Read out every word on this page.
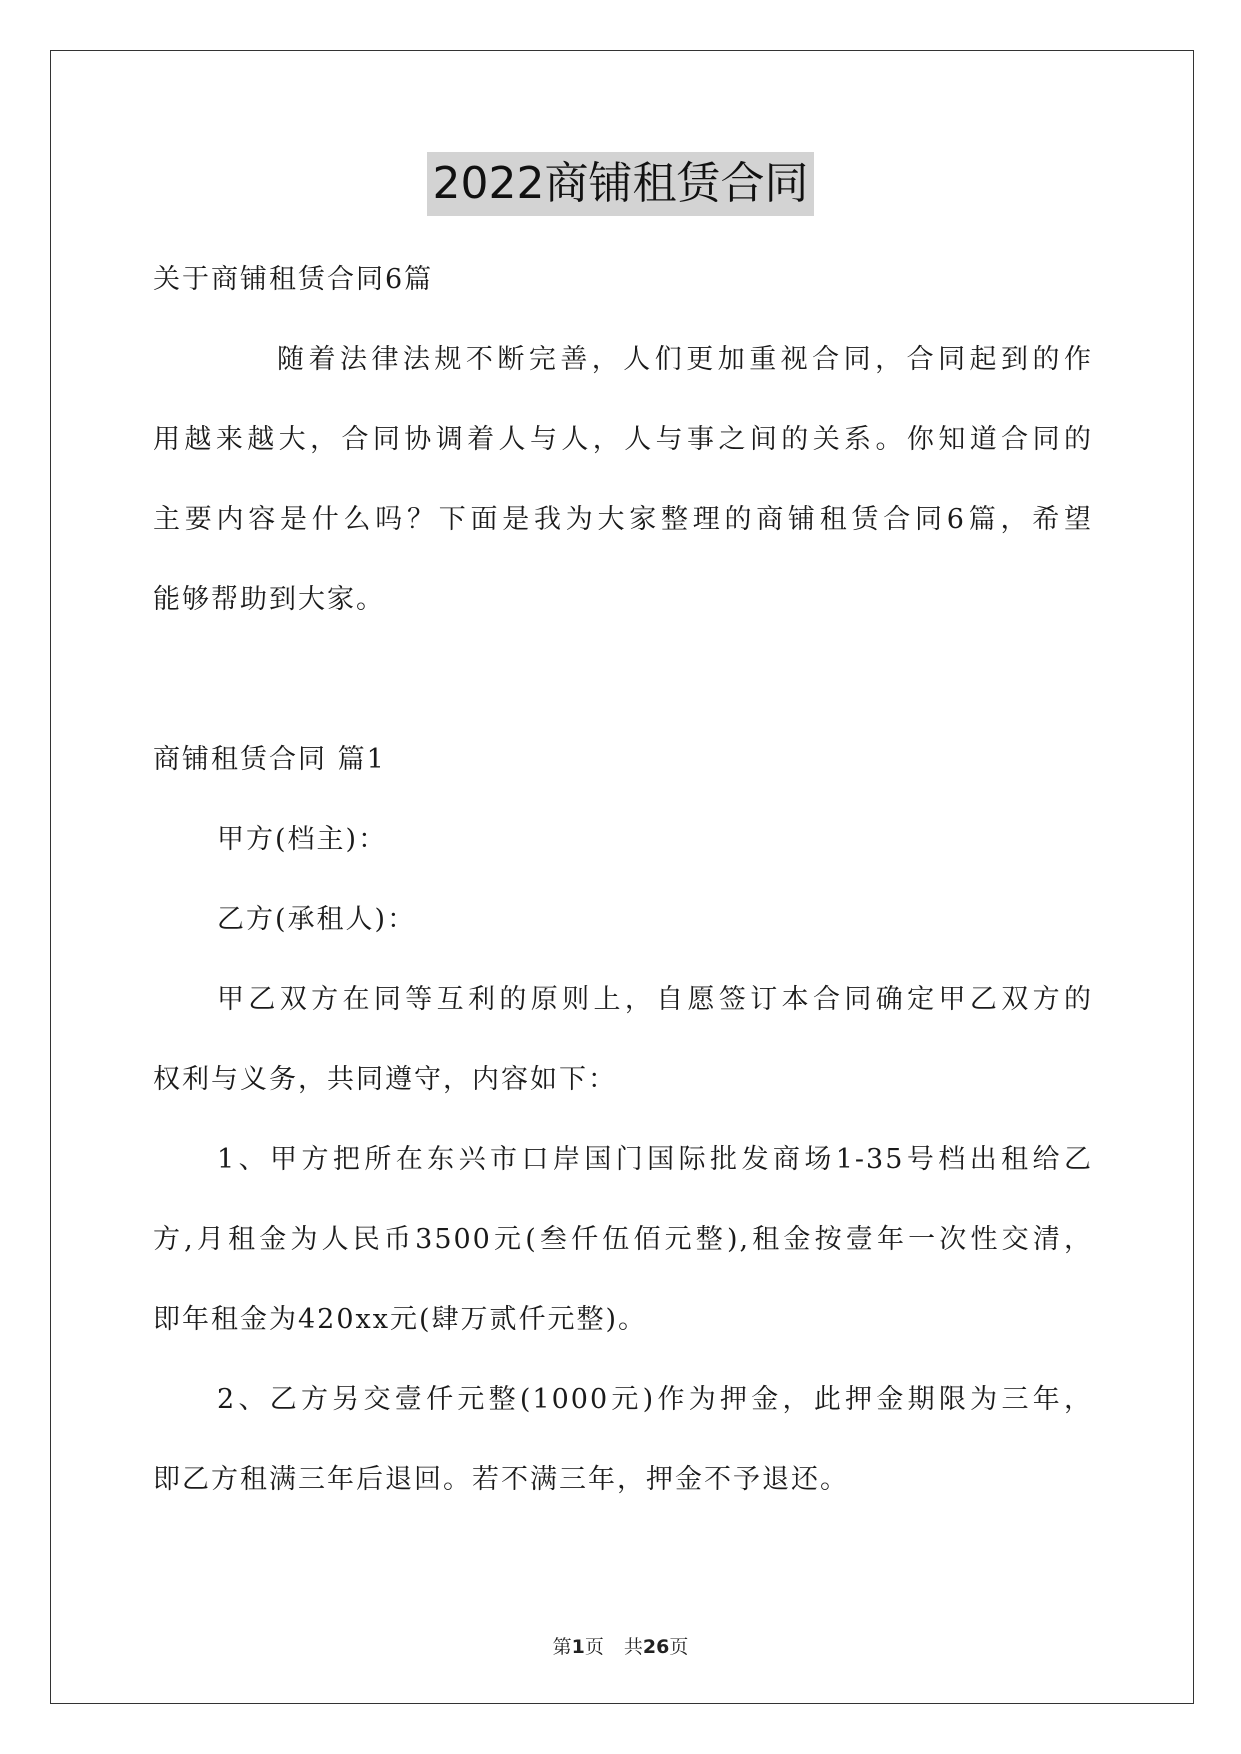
2022商铺租赁合同
关于商铺租赁合同6篇
随着法律法规不断完善，人们更加重视合同，合同起到的作
用越来越大，合同协调着人与人，人与事之间的关系。你知道合同的
主要内容是什么吗？下面是我为大家整理的商铺租赁合同6篇，希望
能够帮助到大家。
商铺租赁合同 篇1
甲方(档主)：
乙方(承租人)：
甲乙双方在同等互利的原则上，自愿签订本合同确定甲乙双方的
权利与义务，共同遵守，内容如下：
1、甲方把所在东兴市口岸国门国际批发商场1-35号档出租给乙
方,月租金为人民币3500元(叁仟伍佰元整),租金按壹年一次性交清，
即年租金为420xx元(肆万贰仟元整)。
2、乙方另交壹仟元整(1000元)作为押金，此押金期限为三年，
即乙方租满三年后退回。若不满三年，押金不予退还。
第1页 共26页
